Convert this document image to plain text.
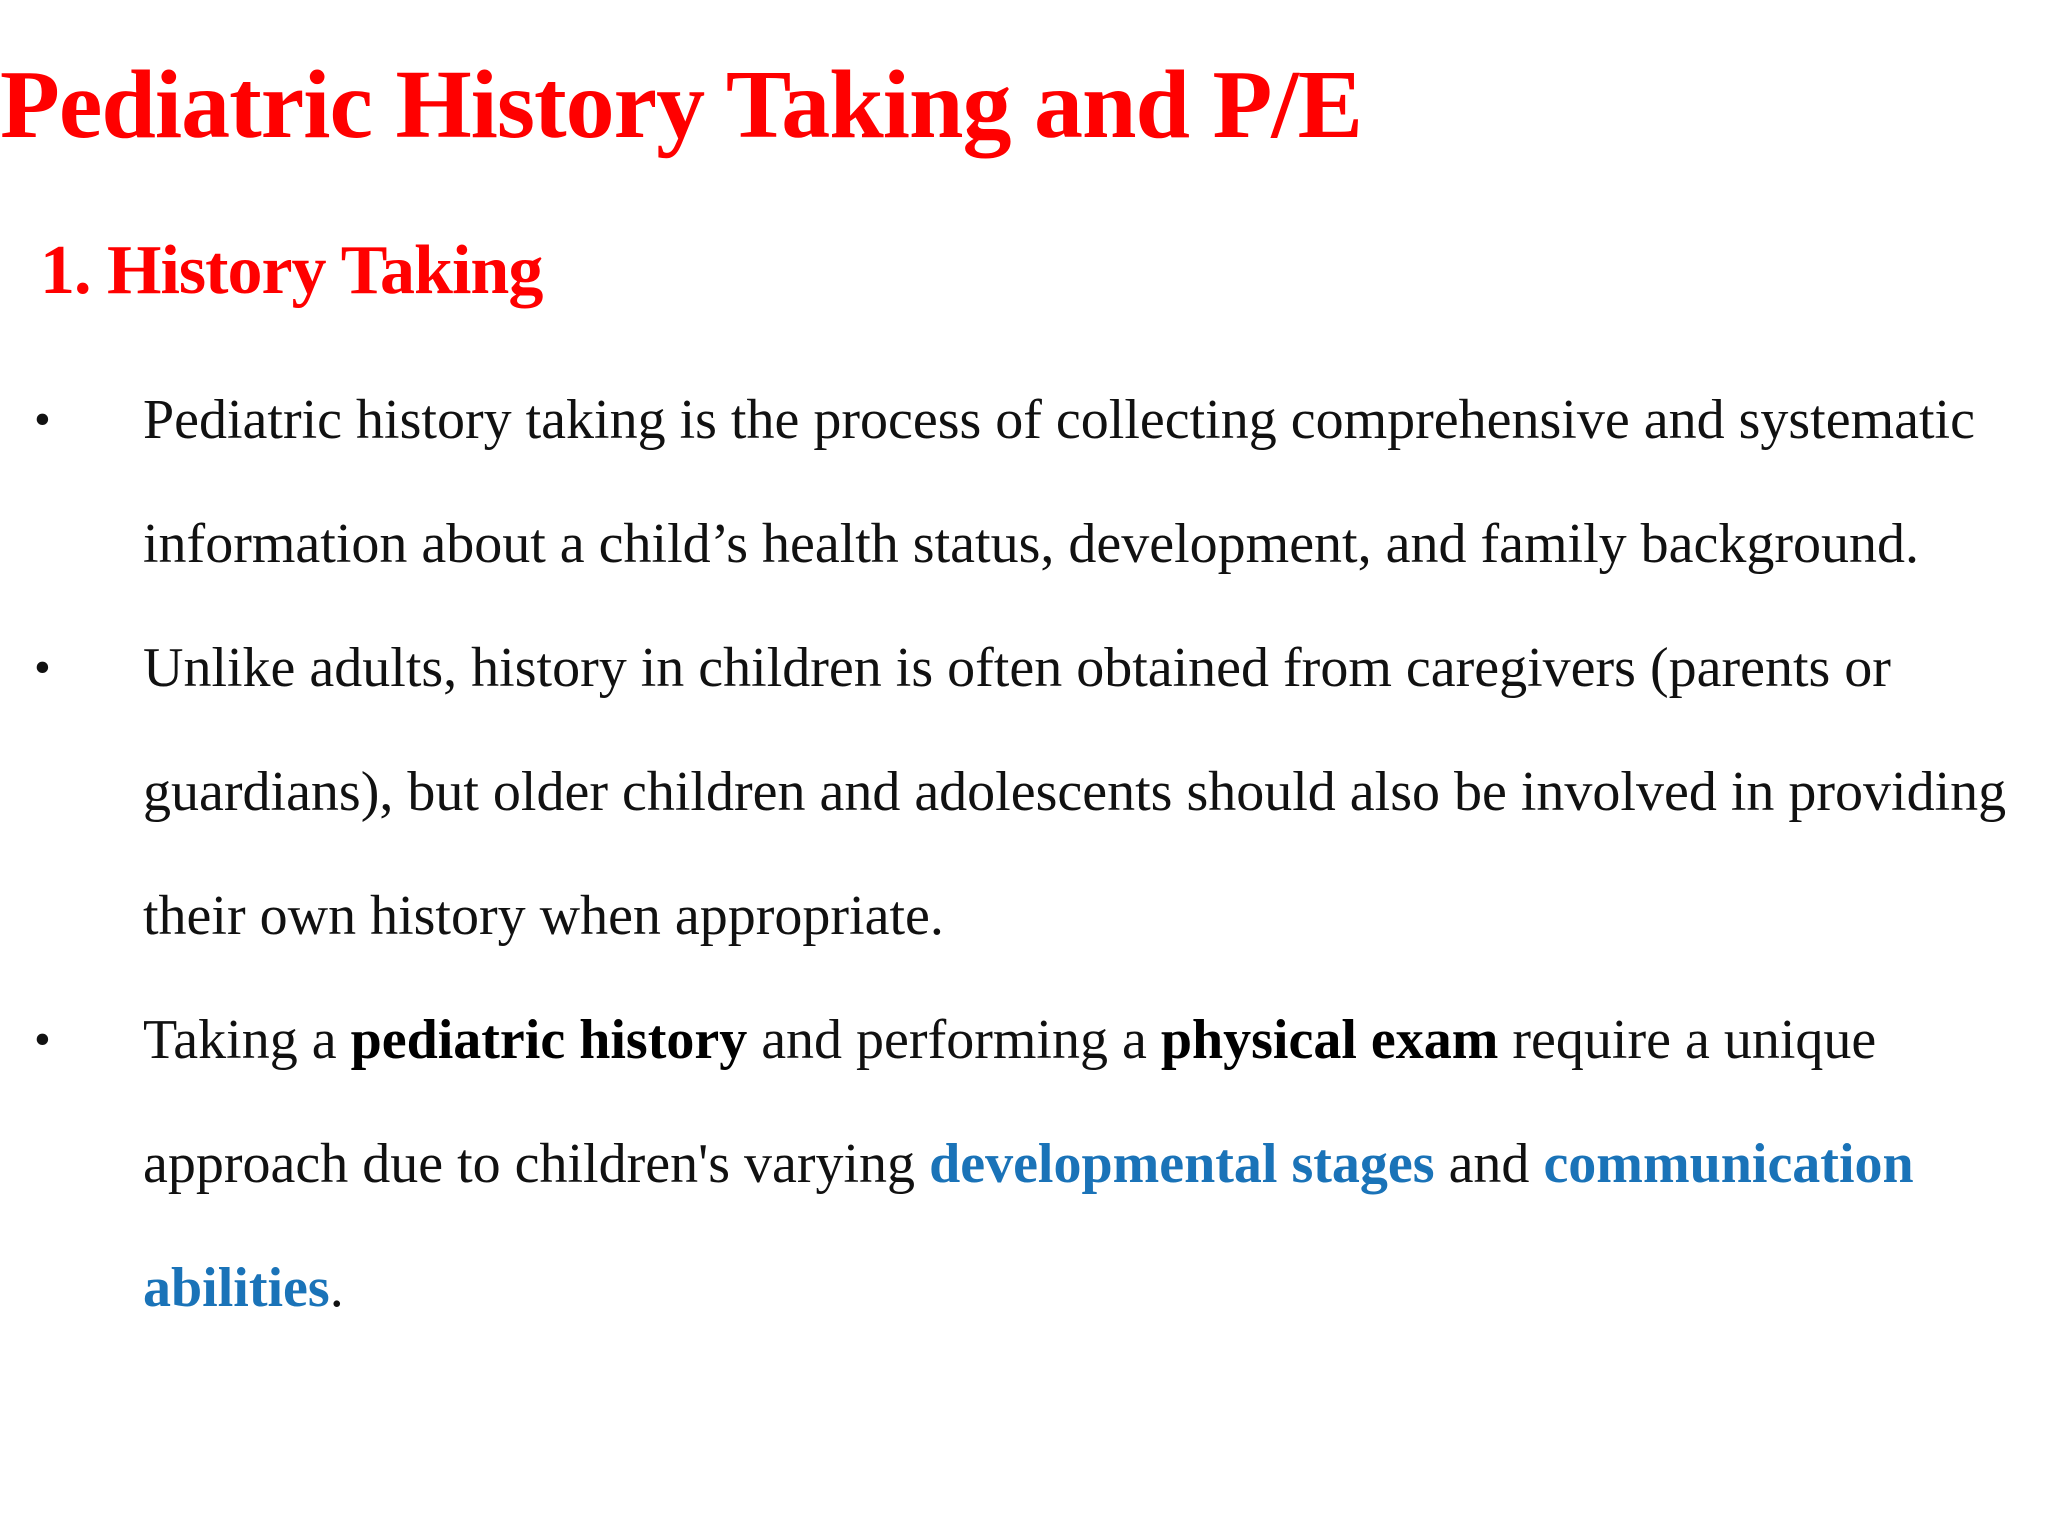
Pediatric History Taking and P/E
1. History Taking
• Pediatric history taking is the process of collecting comprehensive and systematic information about a child’s health status, development, and family background.
• Unlike adults, history in children is often obtained from caregivers (parents or guardians), but older children and adolescents should also be involved in providing their own history when appropriate.
• Taking a pediatric history and performing a physical exam require a unique approach due to children's varying developmental stages and communication abilities.
